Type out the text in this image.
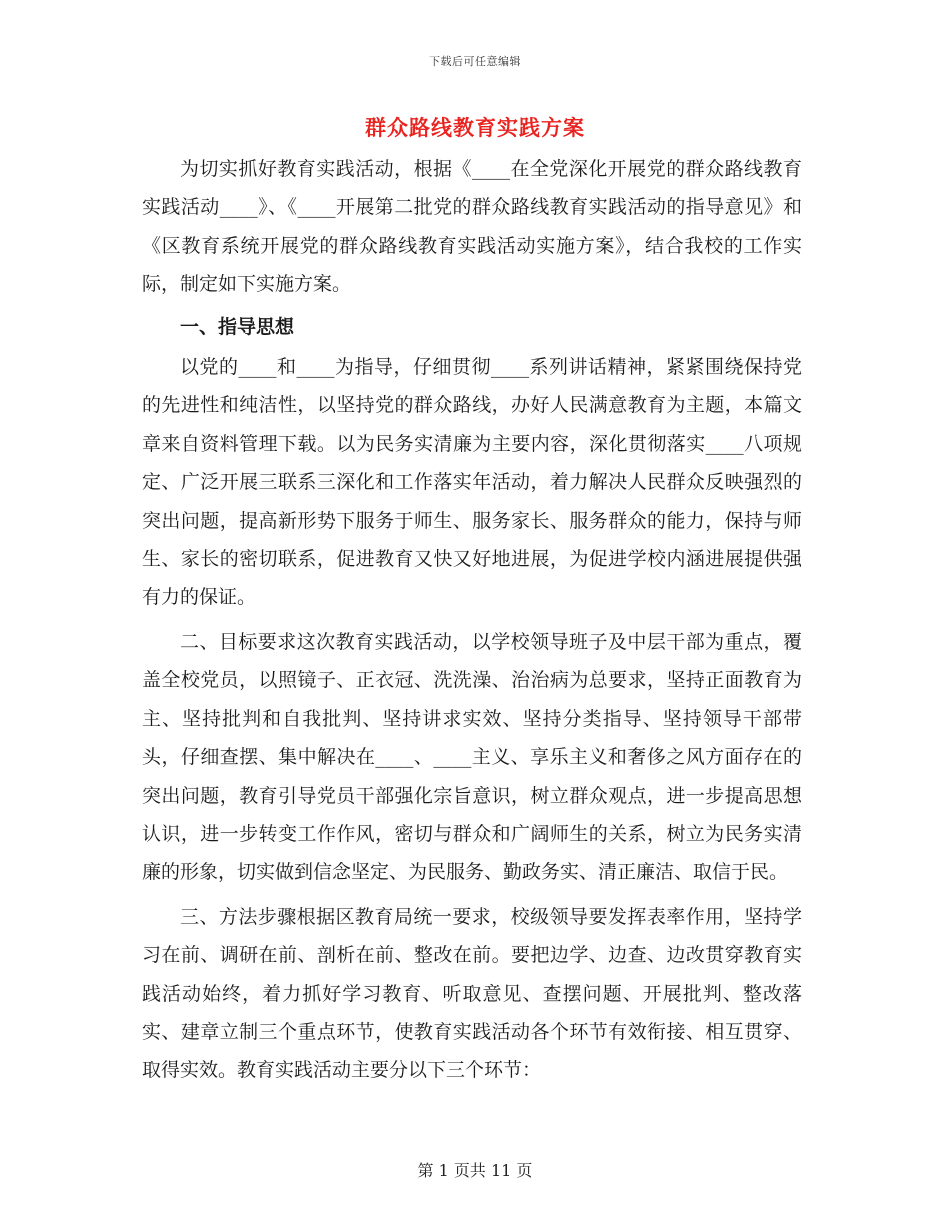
下载后可任意编辑
群众路线教育实践方案

为切实抓好教育实践活动，根据《____在全党深化开展党的群众路线教育实践活动____》、《____开展第二批党的群众路线教育实践活动的指导意见》和《区教育系统开展党的群众路线教育实践活动实施方案》，结合我校的工作实际，制定如下实施方案。

一、指导思想

以党的____和____为指导，仔细贯彻____系列讲话精神，紧紧围绕保持党的先进性和纯洁性，以坚持党的群众路线，办好人民满意教育为主题，本篇文章来自资料管理下载。以为民务实清廉为主要内容，深化贯彻落实____八项规定、广泛开展三联系三深化和工作落实年活动，着力解决人民群众反映强烈的突出问题，提高新形势下服务于师生、服务家长、服务群众的能力，保持与师生、家长的密切联系，促进教育又快又好地进展，为促进学校内涵进展提供强有力的保证。

二、目标要求这次教育实践活动，以学校领导班子及中层干部为重点，覆盖全校党员，以照镜子、正衣冠、洗洗澡、治治病为总要求，坚持正面教育为主、坚持批判和自我批判、坚持讲求实效、坚持分类指导、坚持领导干部带头，仔细查摆、集中解决在____、____主义、享乐主义和奢侈之风方面存在的突出问题，教育引导党员干部强化宗旨意识，树立群众观点，进一步提高思想认识，进一步转变工作作风，密切与群众和广阔师生的关系，树立为民务实清廉的形象，切实做到信念坚定、为民服务、勤政务实、清正廉洁、取信于民。

三、方法步骤根据区教育局统一要求，校级领导要发挥表率作用，坚持学习在前、调研在前、剖析在前、整改在前。要把边学、边查、边改贯穿教育实践活动始终，着力抓好学习教育、听取意见、查摆问题、开展批判、整改落实、建章立制三个重点环节，使教育实践活动各个环节有效衔接、相互贯穿、取得实效。教育实践活动主要分以下三个环节：

第 1 页共 11 页
